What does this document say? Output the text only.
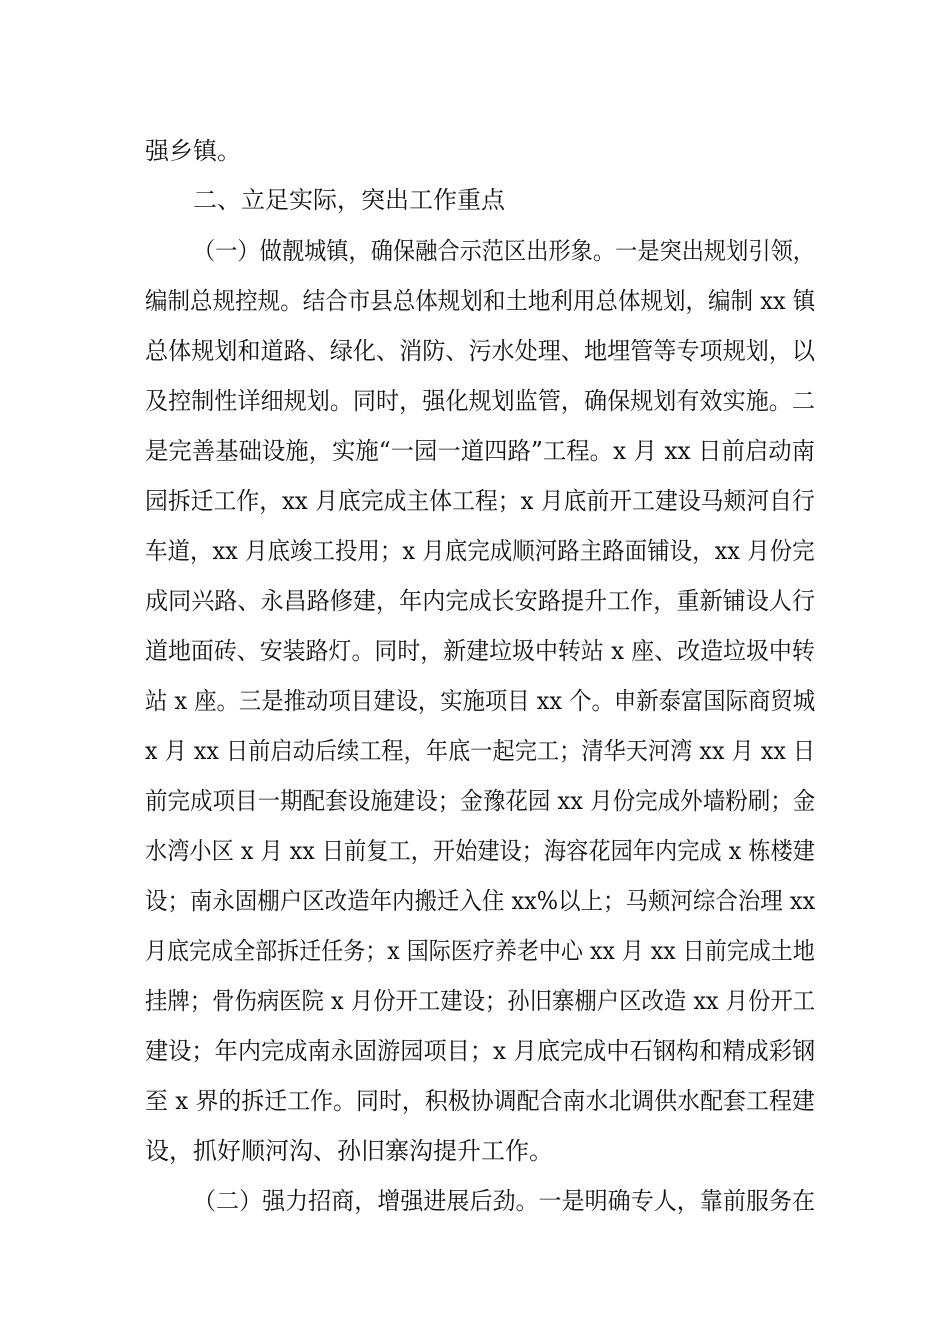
强乡镇。
二、立足实际，突出工作重点
（一）做靓城镇，确保融合示范区出形象。一是突出规划引领，
编制总规控规。结合市县总体规划和土地利用总体规划，编制 xx 镇
总体规划和道路、绿化、消防、污水处理、地埋管等专项规划，以
及控制性详细规划。同时，强化规划监管，确保规划有效实施。二
是完善基础设施，实施“一园一道四路”工程。x 月 xx 日前启动南
园拆迁工作，xx 月底完成主体工程；x 月底前开工建设马颊河自行
车道，xx 月底竣工投用；x 月底完成顺河路主路面铺设，xx 月份完
成同兴路、永昌路修建，年内完成长安路提升工作，重新铺设人行
道地面砖、安装路灯。同时，新建垃圾中转站 x 座、改造垃圾中转
站 x 座。三是推动项目建设，实施项目 xx 个。申新泰富国际商贸城
x 月 xx 日前启动后续工程，年底一起完工；清华天河湾 xx 月 xx 日
前完成项目一期配套设施建设；金豫花园 xx 月份完成外墙粉刷；金
水湾小区 x 月 xx 日前复工，开始建设；海容花园年内完成 x 栋楼建
设；南永固棚户区改造年内搬迁入住 xx%以上；马颊河综合治理 xx
月底完成全部拆迁任务；x 国际医疗养老中心 xx 月 xx 日前完成土地
挂牌；骨伤病医院 x 月份开工建设；孙旧寨棚户区改造 xx 月份开工
建设；年内完成南永固游园项目；x 月底完成中石钢构和精成彩钢
至 x 界的拆迁工作。同时，积极协调配合南水北调供水配套工程建
设，抓好顺河沟、孙旧寨沟提升工作。
（二）强力招商，增强进展后劲。一是明确专人，靠前服务在
